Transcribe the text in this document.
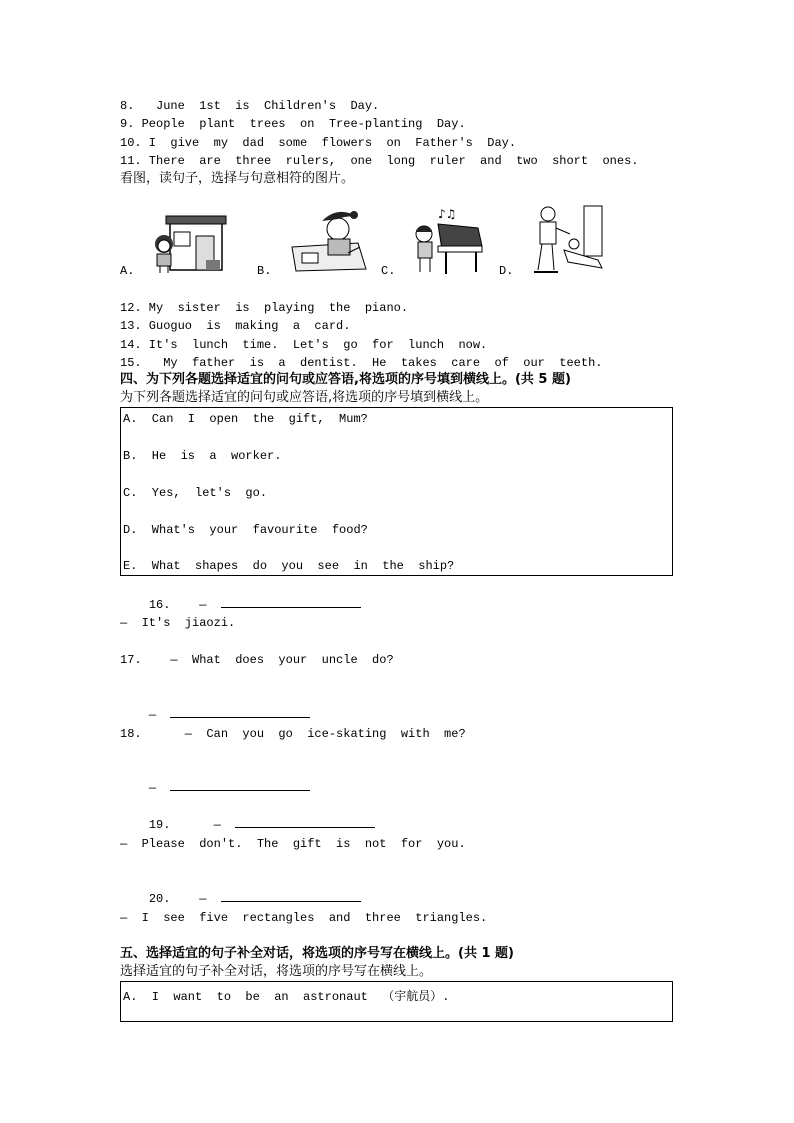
8.   June  1st  is  Children's  Day.
9. People  plant  trees  on  Tree-planting  Day.
10. I  give  my  dad  some  flowers  on  Father's  Day.
11. There  are  three  rulers,  one  long  ruler  and  two  short  ones.
看图，读句子，选择与句意相符的图片。
A.	B.	C.
♪♫
D.
12. My  sister  is  playing  the  piano.
13. Guoguo  is  making  a  card.
14. It's  lunch  time.  Let's  go  for  lunch  now.
15.   My  father  is  a  dentist.  He  takes  care  of  our  teeth.
四、为下列各题选择适宜的问句或应答语,将选项的序号填到横线上。(共 5 题)
为下列各题选择适宜的问句或应答语,将选项的序号填到横线上。
A.  Can  I  open  the  gift,  Mum?
B.  He  is  a  worker.
C.  Yes,  let's  go.
D.  What's  your  favourite  food?
E.  What  shapes  do  you  see  in  the  ship?

16.    —

—  It's  jiaozi.
17.    —  What  does  your  uncle  do?

—

18.      —  Can  you  go  ice-skating  with  me?

—

19.      —

—  Please  don't.  The  gift  is  not  for  you.

20.    —

—  I  see  five  rectangles  and  three  triangles.
五、选择适宜的句子补全对话，将选项的序号写在横线上。(共 1 题)
选择适宜的句子补全对话，将选项的序号写在横线上。
A.  I  want  to  be  an  astronaut  （宇航员）.
